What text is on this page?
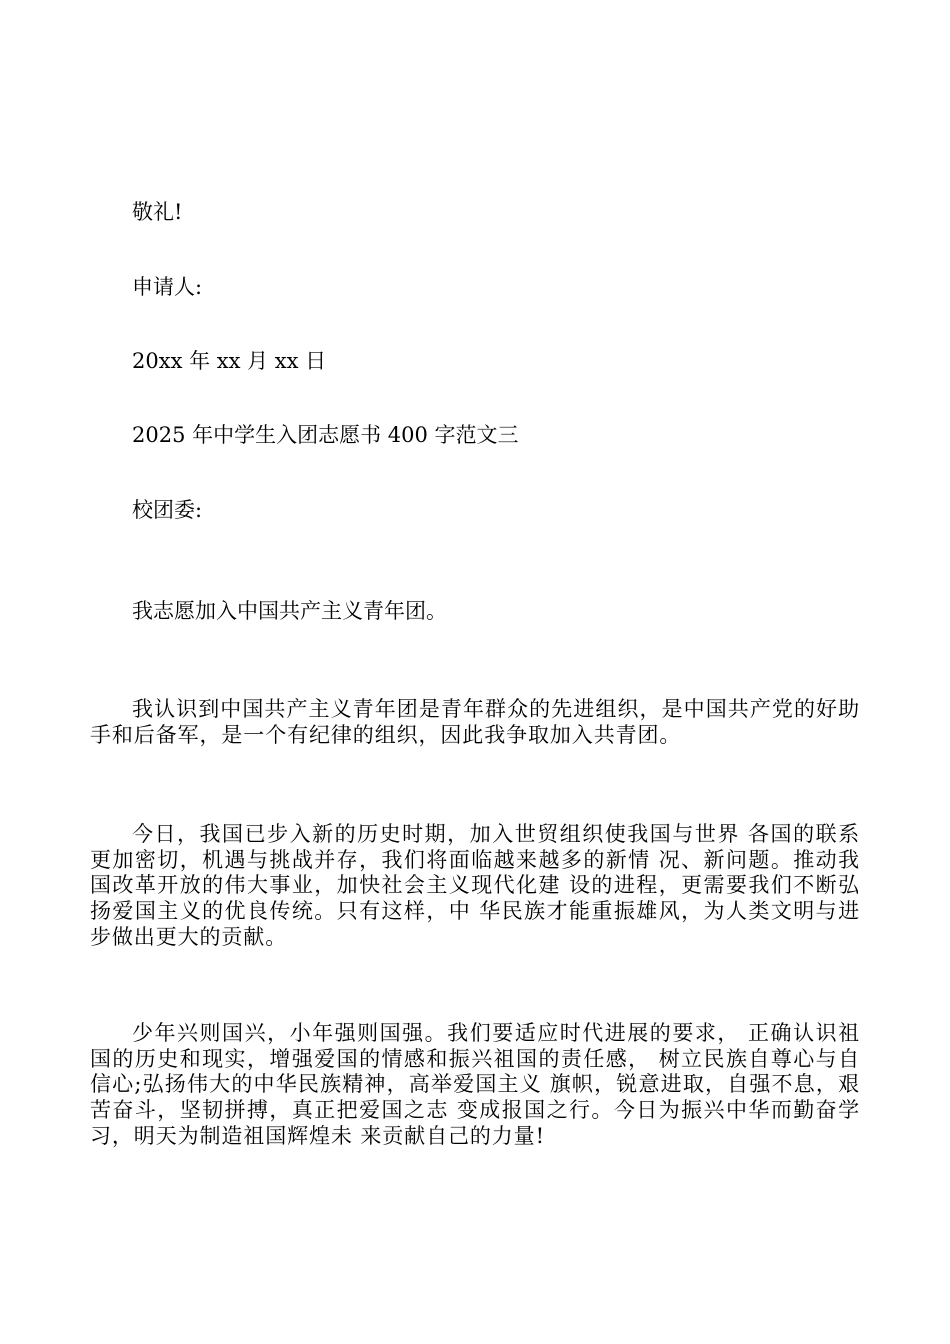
敬礼!
申请人:
20xx 年 xx 月 xx 日
2025 年中学生入团志愿书 400 字范文三
校团委:
我志愿加入中国共产主义青年团。
我认识到中国共产主义青年团是青年群众的先进组织，是中国共产党的好助手和后备军，是一个有纪律的组织，因此我争取加入共青团。
今日，我国已步入新的历史时期，加入世贸组织使我国与世界 各国的联系更加密切，机遇与挑战并存，我们将面临越来越多的新情 况、新问题。推动我国改革开放的伟大事业，加快社会主义现代化建 设的进程，更需要我们不断弘扬爱国主义的优良传统。只有这样，中 华民族才能重振雄风，为人类文明与进步做出更大的贡献。
少年兴则国兴，小年强则国强。我们要适应时代进展的要求， 正确认识祖国的历史和现实，增强爱国的情感和振兴祖国的责任感， 树立民族自尊心与自信心;弘扬伟大的中华民族精神，高举爱国主义 旗帜，锐意进取，自强不息，艰苦奋斗，坚韧拼搏，真正把爱国之志 变成报国之行。今日为振兴中华而勤奋学习，明天为制造祖国辉煌未 来贡献自己的力量!
